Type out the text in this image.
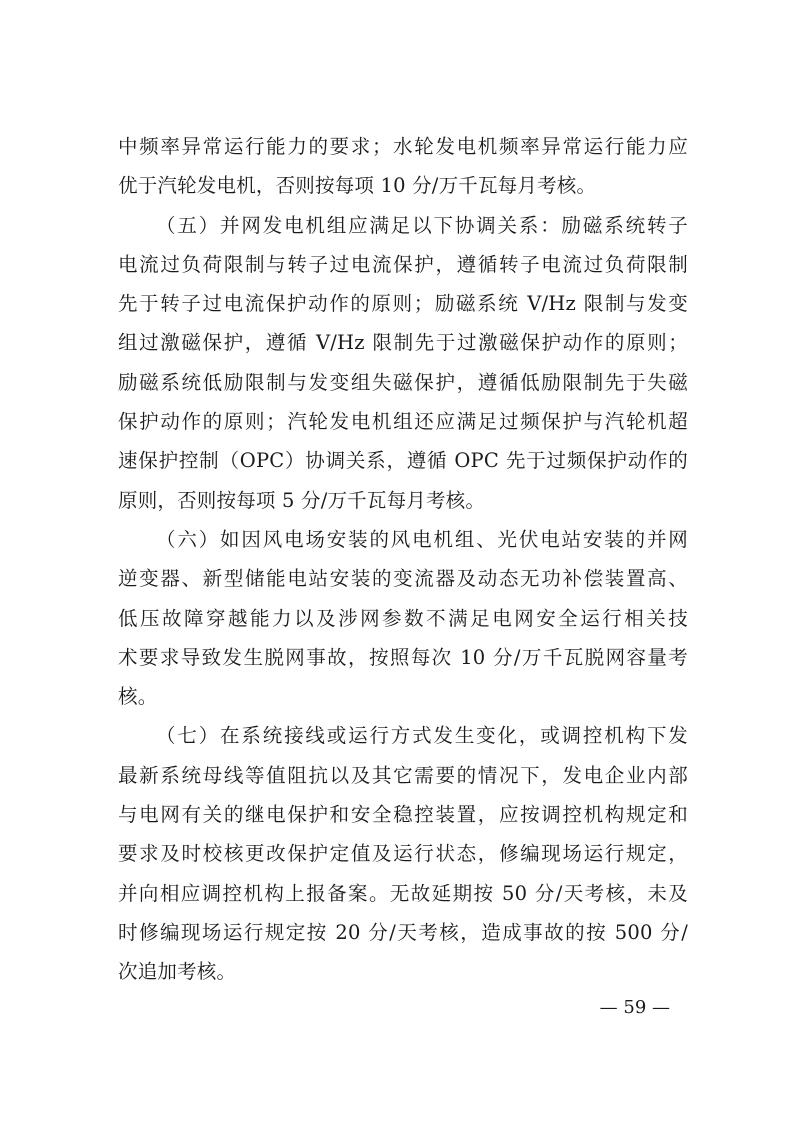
中频率异常运行能力的要求；水轮发电机频率异常运行能力应
优于汽轮发电机，否则按每项 10 分/万千瓦每月考核。
（五）并网发电机组应满足以下协调关系：励磁系统转子
电流过负荷限制与转子过电流保护，遵循转子电流过负荷限制
先于转子过电流保护动作的原则；励磁系统 V/Hz 限制与发变
组过激磁保护，遵循 V/Hz 限制先于过激磁保护动作的原则；
励磁系统低励限制与发变组失磁保护，遵循低励限制先于失磁
保护动作的原则；汽轮发电机组还应满足过频保护与汽轮机超
速保护控制（OPC）协调关系，遵循 OPC 先于过频保护动作的
原则，否则按每项 5 分/万千瓦每月考核。
（六）如因风电场安装的风电机组、光伏电站安装的并网
逆变器、新型储能电站安装的变流器及动态无功补偿装置高、
低压故障穿越能力以及涉网参数不满足电网安全运行相关技
术要求导致发生脱网事故，按照每次 10 分/万千瓦脱网容量考
核。
（七）在系统接线或运行方式发生变化，或调控机构下发
最新系统母线等值阻抗以及其它需要的情况下，发电企业内部
与电网有关的继电保护和安全稳控装置，应按调控机构规定和
要求及时校核更改保护定值及运行状态，修编现场运行规定，
并向相应调控机构上报备案。无故延期按 50 分/天考核，未及
时修编现场运行规定按 20 分/天考核，造成事故的按 500 分/
次追加考核。
— 59 —
